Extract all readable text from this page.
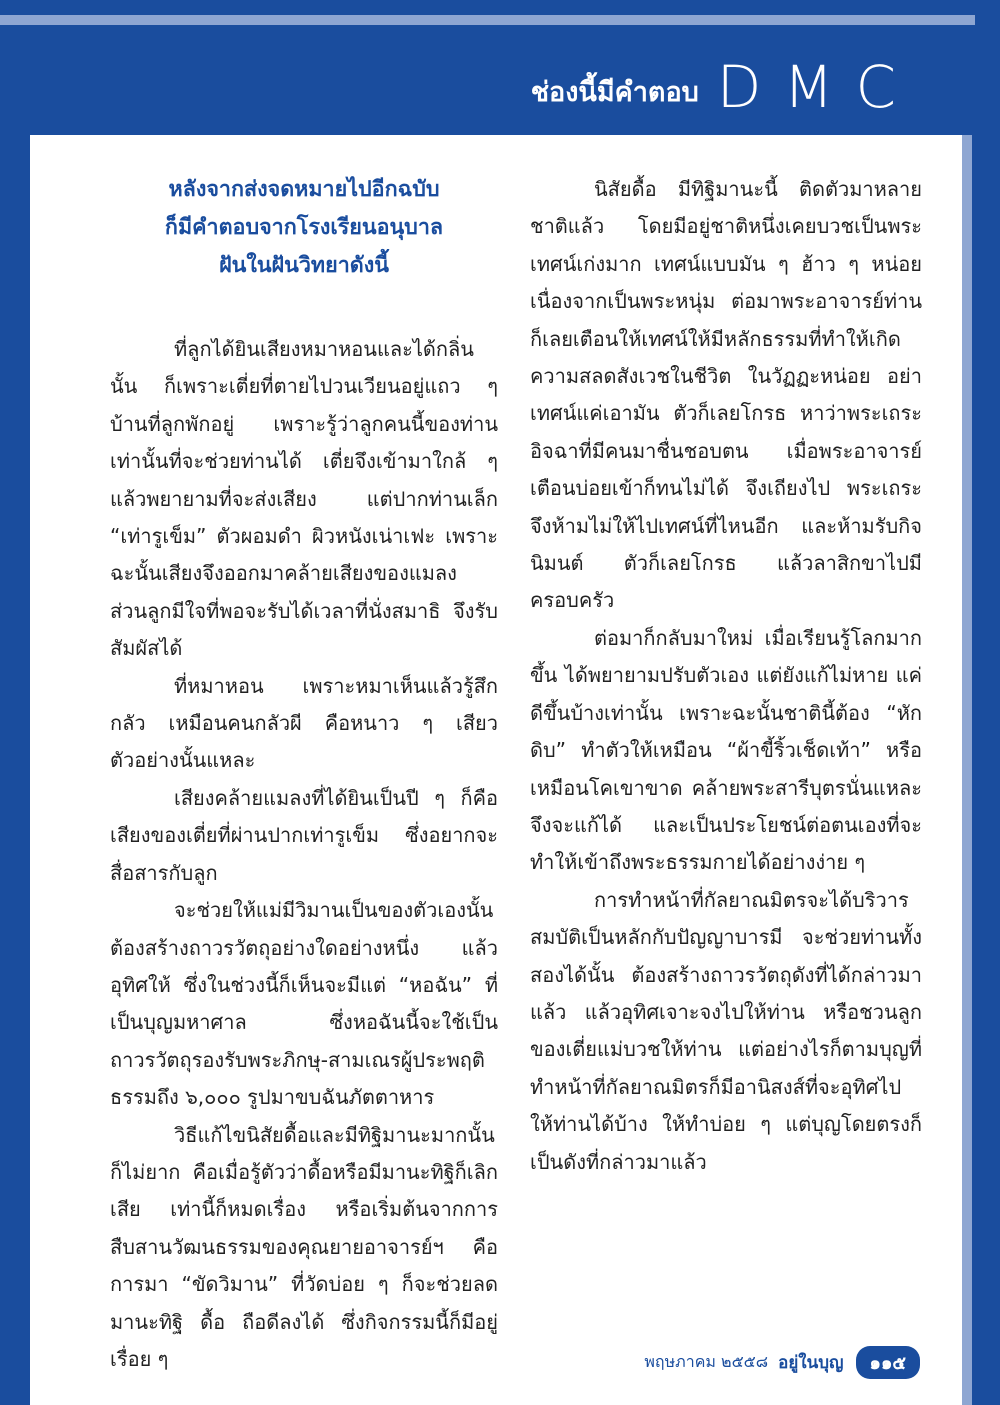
ช่องนี้มีคำตอบ DMC
หลังจากส่งจดหมายไปอีกฉบับ
ก็มีคำตอบจากโรงเรียนอนุบาล
ฝันในฝันวิทยาดังนี้

ที่ลูกได้ยินเสียงหมาหอนและได้กลิ่นนั้น ก็เพราะเตี่ยที่ตายไปวนเวียนอยู่แถว ๆ บ้านที่ลูกพักอยู่ เพราะรู้ว่าลูกคนนี้ของท่านเท่านั้นที่จะช่วยท่านได้ เตี่ยจึงเข้ามาใกล้ ๆ แล้วพยายามที่จะส่งเสียง แต่ปากท่านเล็ก “เท่ารูเข็ม” ตัวผอมดำ ผิวหนังเน่าเฟะ เพราะฉะนั้นเสียงจึงออกมาคล้ายเสียงของแมลง ส่วนลูกมีใจที่พอจะรับได้เวลาที่นั่งสมาธิ จึงรับสัมผัสได้

ที่หมาหอน เพราะหมาเห็นแล้วรู้สึกกลัว เหมือนคนกลัวผี คือหนาว ๆ เสียวตัวอย่างนั้นแหละ

เสียงคล้ายแมลงที่ได้ยินเป็นปี ๆ ก็คือเสียงของเตี่ยที่ผ่านปากเท่ารูเข็ม ซึ่งอยากจะสื่อสารกับลูก

จะช่วยให้แม่มีวิมานเป็นของตัวเองนั้นต้องสร้างถาวรวัตถุอย่างใดอย่างหนึ่ง แล้วอุทิศให้ ซึ่งในช่วงนี้ก็เห็นจะมีแต่ “หอฉัน” ที่เป็นบุญมหาศาล ซึ่งหอฉันนี้จะใช้เป็นถาวรวัตถุรองรับพระภิกษุ-สามเณรผู้ประพฤติธรรมถึง ๖,๐๐๐ รูปมาขบฉันภัตตาหาร

วิธีแก้ไขนิสัยดื้อและมีทิฐิมานะมากนั้นก็ไม่ยาก คือเมื่อรู้ตัวว่าดื้อหรือมีมานะทิฐิก็เลิกเสีย เท่านี้ก็หมดเรื่อง หรือเริ่มต้นจากการสืบสานวัฒนธรรมของคุณยายอาจารย์ฯ คือ การมา “ขัดวิมาน” ที่วัดบ่อย ๆ ก็จะช่วยลดมานะทิฐิ ดื้อ ถือดีลงได้ ซึ่งกิจกรรมนี้ก็มีอยู่เรื่อย ๆ

นิสัยดื้อ มีทิฐิมานะนี้ ติดตัวมาหลายชาติแล้ว โดยมีอยู่ชาติหนึ่งเคยบวชเป็นพระ เทศน์เก่งมาก เทศน์แบบมัน ๆ ฮ้าว ๆ หน่อย เนื่องจากเป็นพระหนุ่ม ต่อมาพระอาจารย์ท่านก็เลยเตือนให้เทศน์ให้มีหลักธรรมที่ทำให้เกิดความสลดสังเวชในชีวิต ในวัฏฏะหน่อย อย่าเทศน์แค่เอามัน ตัวก็เลยโกรธ หาว่าพระเถระอิจฉาที่มีคนมาชื่นชอบตน เมื่อพระอาจารย์เตือนบ่อยเข้าก็ทนไม่ได้ จึงเถียงไป พระเถระจึงห้ามไม่ให้ไปเทศน์ที่ไหนอีก และห้ามรับกิจนิมนต์ ตัวก็เลยโกรธ แล้วลาสิกขาไปมีครอบครัว

ต่อมาก็กลับมาใหม่ เมื่อเรียนรู้โลกมากขึ้น ได้พยายามปรับตัวเอง แต่ยังแก้ไม่หาย แค่ดีขึ้นบ้างเท่านั้น เพราะฉะนั้นชาตินี้ต้อง “หักดิบ” ทำตัวให้เหมือน “ผ้าขี้ริ้วเช็ดเท้า” หรือเหมือนโคเขาขาด คล้ายพระสารีบุตรนั่นแหละ จึงจะแก้ได้ และเป็นประโยชน์ต่อตนเองที่จะทำให้เข้าถึงพระธรรมกายได้อย่างง่าย ๆ

การทำหน้าที่กัลยาณมิตรจะได้บริวารสมบัติเป็นหลักกับปัญญาบารมี จะช่วยท่านทั้งสองได้นั้น ต้องสร้างถาวรวัตถุดังที่ได้กล่าวมาแล้ว แล้วอุทิศเจาะจงไปให้ท่าน หรือชวนลูกของเตี่ยแม่บวชให้ท่าน แต่อย่างไรก็ตามบุญที่ทำหน้าที่กัลยาณมิตรก็มีอานิสงส์ที่จะอุทิศไปให้ท่านได้บ้าง ให้ทำบ่อย ๆ แต่บุญโดยตรงก็เป็นดังที่กล่าวมาแล้ว

พฤษภาคม ๒๕๕๘ อยู่ในบุญ	๑๑๕
